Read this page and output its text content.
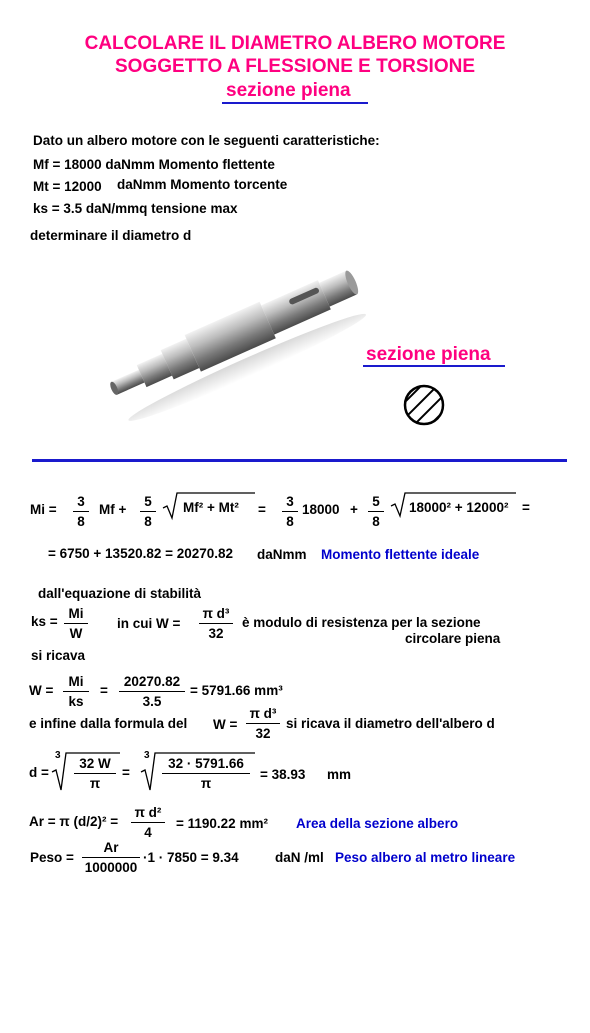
CALCOLARE IL DIAMETRO ALBERO MOTORE
SOGGETTO A FLESSIONE E TORSIONE
sezione piena
Dato un albero motore con le seguenti caratteristiche:
Mf = 18000 daNmm Momento flettente
Mt = 12000 daNmm Momento torcente
ks = 3.5 daN/mmq tensione max
determinare il diametro d
sezione piena
Mi =
3
8
Mf +
5
8
Mf² + Mt² =
3
8
18000 +
5
8
18000² + 12000² =
= 6750 + 13520.82 = 20270.82 daNmm Momento flettente ideale
dall'equazione di stabilità
ks =
Mi
W
in cui W =
π d³
32
è modulo di resistenza per la sezione
circolare piena
si ricava
W =
Mi
ks
=
20270.82
3.5
= 5791.66 mm³
e infine dalla formula del W =
π d³
32
si ricava il diametro dell'albero d
d =
3
32 W
π
=
3
32 · 5791.66
π
= 38.93 mm
Ar = π (d/2)² =
π d²
4
= 1190.22 mm² Area della sezione albero
Peso =
Ar
1000000
·1 · 7850 = 9.34	daN /ml Peso albero al metro lineare
